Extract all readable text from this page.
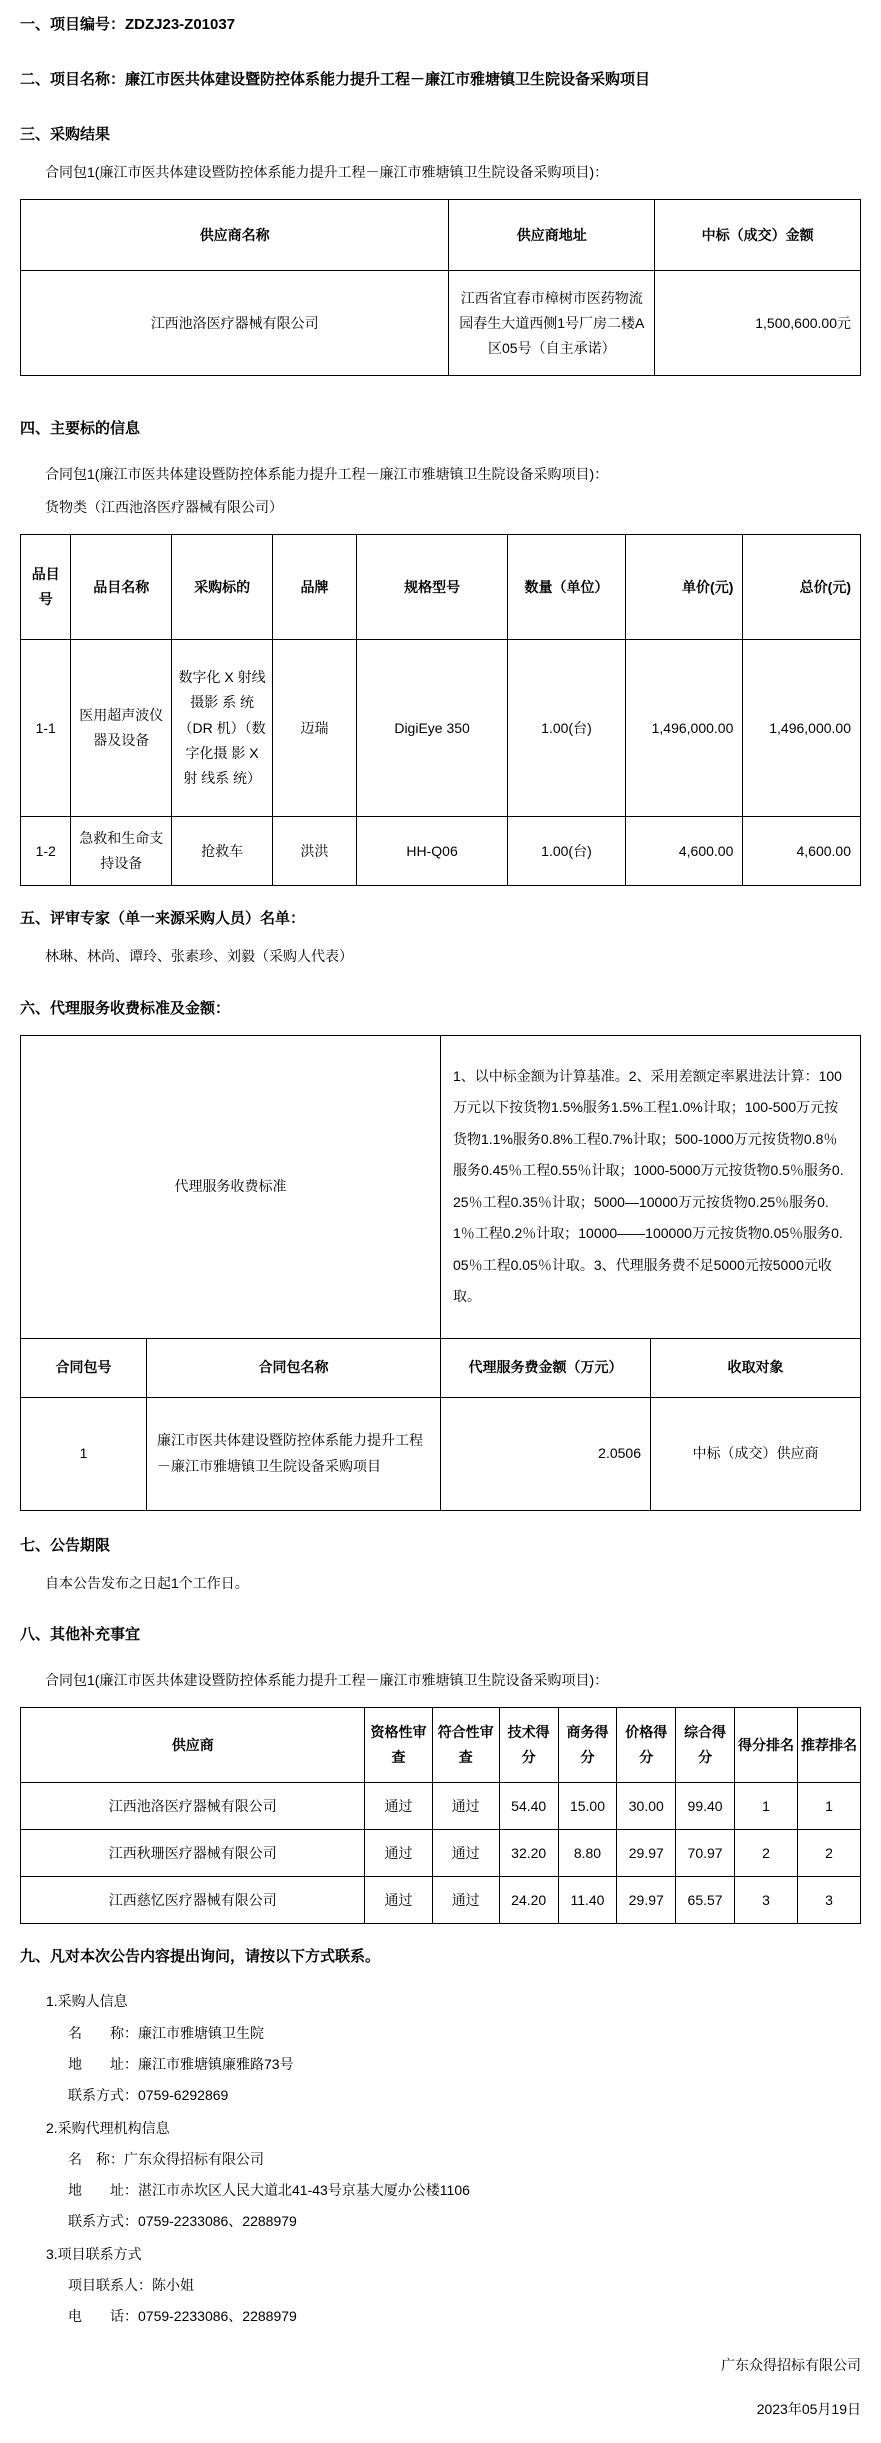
一、项目编号：ZDZJ23-Z01037
二、项目名称：廉江市医共体建设暨防控体系能力提升工程－廉江市雅塘镇卫生院设备采购项目
三、采购结果
合同包1(廉江市医共体建设暨防控体系能力提升工程－廉江市雅塘镇卫生院设备采购项目)：
供应商名称	供应商地址	中标（成交）金额
江西池洛医疗器械有限公司	江西省宜春市樟树市医药物流园春生大道西侧1号厂房二楼A区05号（自主承诺）	1,500,600.00元
四、主要标的信息
合同包1(廉江市医共体建设暨防控体系能力提升工程－廉江市雅塘镇卫生院设备采购项目)：
货物类（江西池洛医疗器械有限公司）
品目号	品目名称	采购标的	品牌	规格型号	数量（单位）	单价(元)	总价(元)
1-1	医用超声波仪器及设备	数字化 X 射线 摄影 系 统（DR 机）（数 字化摄 影 X 射 线系 统）	迈瑞	DigiEye 350	1.00(台)	1,496,000.00	1,496,000.00
1-2	急救和生命支持设备	抢救车	洪洪	HH-Q06	1.00(台)	4,600.00	4,600.00
五、评审专家（单一来源采购人员）名单：
林琳、林尚、谭玲、张素珍、刘毅（采购人代表）
六、代理服务收费标准及金额：
代理服务收费标准		1、以中标金额为计算基准。2、采用差额定率累进法计算：100万元以下按货物1.5%服务1.5%工程1.0%计取；100-500万元按货物1.1%服务0.8%工程0.7%计取；500-1000万元按货物0.8％服务0.45％工程0.55％计取；1000-5000万元按货物0.5％服务0.25％工程0.35％计取；5000—10000万元按货物0.25％服务0.1％工程0.2％计取；10000——100000万元按货物0.05％服务0.05％工程0.05％计取。3、代理服务费不足5000元按5000元收取。	
合同包号	合同包名称	代理服务费金额（万元）	收取对象
1	廉江市医共体建设暨防控体系能力提升工程－廉江市雅塘镇卫生院设备采购项目	2.0506	中标（成交）供应商
七、公告期限
自本公告发布之日起1个工作日。
八、其他补充事宜
合同包1(廉江市医共体建设暨防控体系能力提升工程－廉江市雅塘镇卫生院设备采购项目)：
供应商	资格性审查	符合性审查	技术得分	商务得分	价格得分	综合得分	得分排名	推荐排名
江西池洛医疗器械有限公司	通过	通过	54.40	15.00	30.00	99.40	1	1
江西秋珊医疗器械有限公司	通过	通过	32.20	8.80	29.97	70.97	2	2
江西慈忆医疗器械有限公司	通过	通过	24.20	11.40	29.97	65.57	3	3
九、凡对本次公告内容提出询问，请按以下方式联系。
1.采购人信息
名　　称：廉江市雅塘镇卫生院
地　　址：廉江市雅塘镇廉雅路73号
联系方式：0759-6292869
2.采购代理机构信息
名　称：广东众得招标有限公司
地　　址：湛江市赤坎区人民大道北41-43号京基大厦办公楼1106
联系方式：0759-2233086、2288979
3.项目联系方式
项目联系人：陈小姐
电　　话：0759-2233086、2288979
广东众得招标有限公司
2023年05月19日
